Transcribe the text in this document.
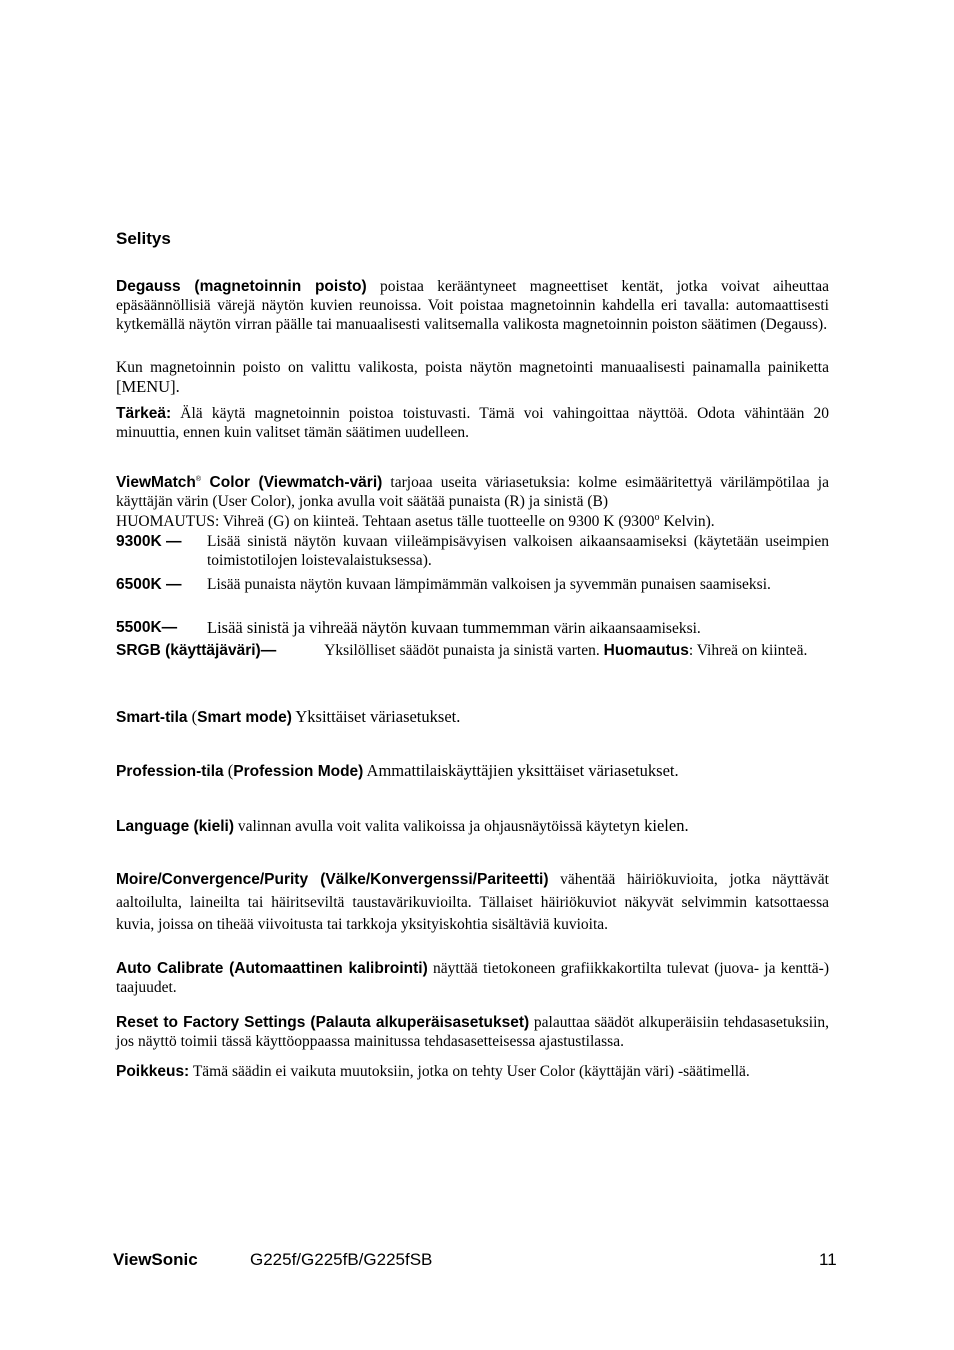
Selitys
Degauss (magnetoinnin poisto) poistaa kerääntyneet magneettiset kentät, jotka voivat aiheuttaa epäsäännöllisiä värejä näytön kuvien reunoissa. Voit poistaa magnetoinnin kahdella eri tavalla: automaattisesti kytkemällä näytön virran päälle tai manuaalisesti valitsemalla valikosta magnetoinnin poiston säätimen (Degauss).
Kun magnetoinnin poisto on valittu valikosta, poista näytön magnetointi manuaalisesti painamalla painiketta [MENU].
Tärkeä: Älä käytä magnetoinnin poistoa toistuvasti. Tämä voi vahingoittaa näyttöä. Odota vähintään 20 minuuttia, ennen kuin valitset tämän säätimen uudelleen.
ViewMatch® Color (Viewmatch-väri) tarjoaa useita väriasetuksia: kolme esimääritettyä värilämpötilaa ja käyttäjän värin (User Color), jonka avulla voit säätää punaista (R) ja sinistä (B)
HUOMAUTUS: Vihreä (G) on kiinteä. Tehtaan asetus tälle tuotteelle on 9300 K (9300$^o$ Kelvin).
9300K — Lisää sinistä näytön kuvaan viileämpisävyisen valkoisen aikaansaamiseksi (käytetään useimpien toimistotilojen loistevalaistuksessa).
6500K — Lisää punaista näytön kuvaan lämpimämmän valkoisen ja syvemmän punaisen saamiseksi.
5500K— Lisää sinistä ja vihreää näytön kuvaan tummemman värin aikaansaamiseksi.
SRGB (käyttäjäväri)—	Yksilölliset säädöt punaista ja sinistä varten. Huomautus: Vihreä on kiinteä.
Smart-tila (Smart mode) Yksittäiset väriasetukset.
Profession-tila (Profession Mode) Ammattilaiskäyttäjien yksittäiset väriasetukset.
Language (kieli) valinnan avulla voit valita valikoissa ja ohjausnäytöissä käytetyn kielen.
Moire/Convergence/Purity (Välke/Konvergenssi/Pariteetti) vähentää häiriökuvioita, jotka näyttävät aaltoilulta, laineilta tai häiritseviltä taustavärikuvioilta. Tällaiset häiriökuviot näkyvät selvimmin katsottaessa kuvia, joissa on tiheää viivoitusta tai tarkkoja yksityiskohtia sisältäviä kuvioita.
Auto Calibrate (Automaattinen kalibrointi) näyttää tietokoneen grafiikkakortilta tulevat (juova- ja kenttä-) taajuudet.
Reset to Factory Settings (Palauta alkuperäisasetukset) palauttaa säädöt alkuperäisiin tehdasasetuksiin, jos näyttö toimii tässä käyttöoppaassa mainitussa tehdasasetteisessa ajastustilassa.
Poikkeus: Tämä säädin ei vaikuta muutoksiin, jotka on tehty User Color (käyttäjän väri) -säätimellä.
ViewSonic	G225f/G225fB/G225fSB	11
